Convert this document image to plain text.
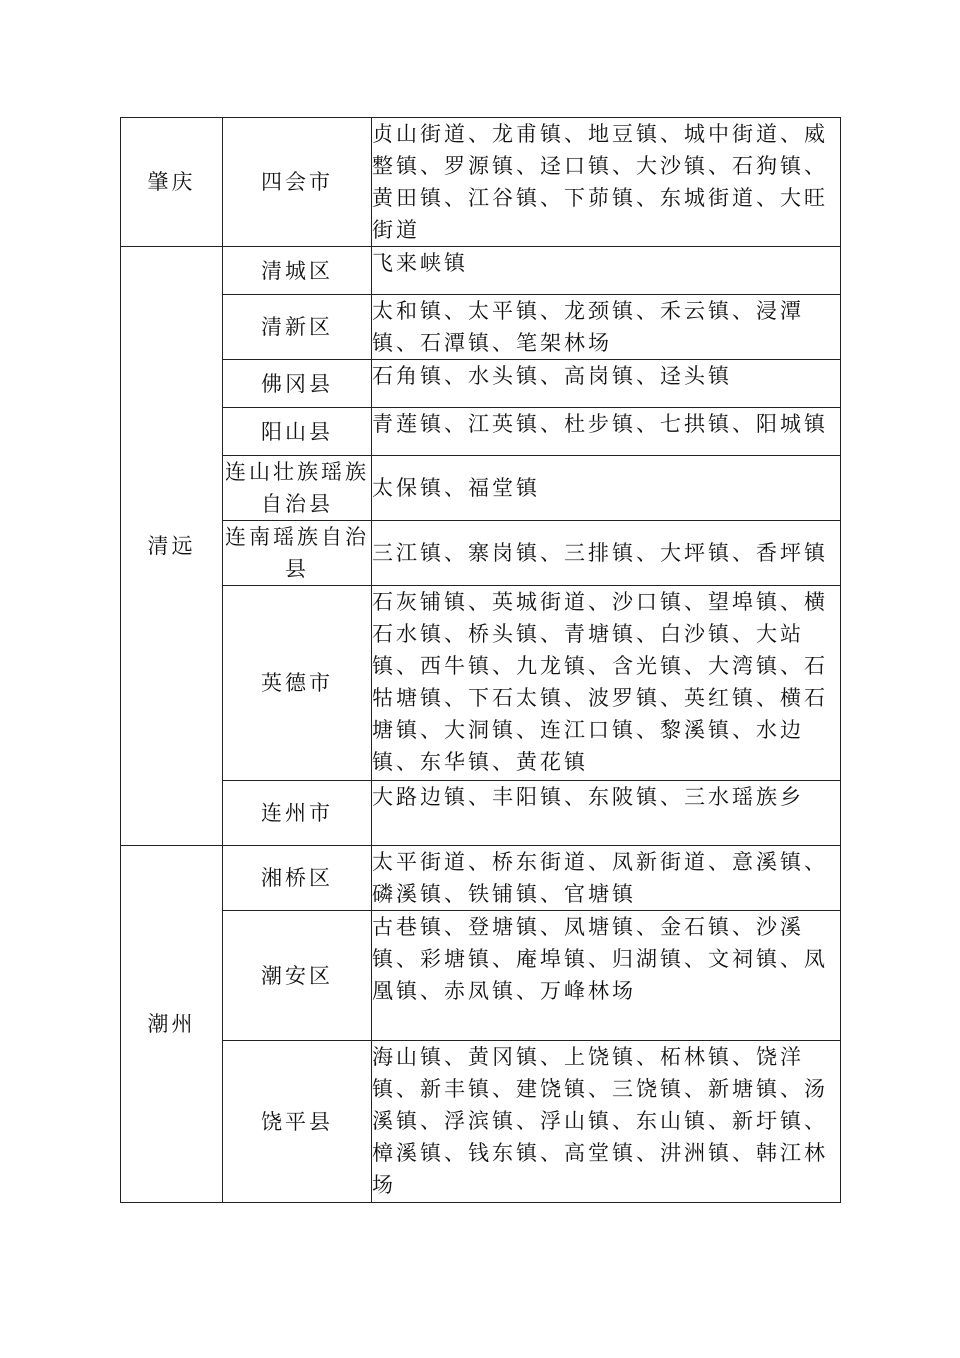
肇庆	四会市	贞山街道、龙甫镇、地豆镇、城中街道、威整镇、罗源镇、迳口镇、大沙镇、石狗镇、黄田镇、江谷镇、下茆镇、东城街道、大旺街道
清远	清城区	飞来峡镇
	清新区	太和镇、太平镇、龙颈镇、禾云镇、浸潭镇、石潭镇、笔架林场
	佛冈县	石角镇、水头镇、高岗镇、迳头镇
	阳山县	青莲镇、江英镇、杜步镇、七拱镇、阳城镇
	连山壮族瑶族自治县	太保镇、福堂镇
	连南瑶族自治县	三江镇、寨岗镇、三排镇、大坪镇、香坪镇
	英德市	石灰铺镇、英城街道、沙口镇、望埠镇、横石水镇、桥头镇、青塘镇、白沙镇、大站镇、西牛镇、九龙镇、含光镇、大湾镇、石牯塘镇、下石太镇、波罗镇、英红镇、横石塘镇、大洞镇、连江口镇、黎溪镇、水边镇、东华镇、黄花镇
	连州市	大路边镇、丰阳镇、东陂镇、三水瑶族乡
潮州	湘桥区	太平街道、桥东街道、凤新街道、意溪镇、磷溪镇、铁铺镇、官塘镇
	潮安区	古巷镇、登塘镇、凤塘镇、金石镇、沙溪镇、彩塘镇、庵埠镇、归湖镇、文祠镇、凤凰镇、赤凤镇、万峰林场
	饶平县	海山镇、黄冈镇、上饶镇、柘林镇、饶洋镇、新丰镇、建饶镇、三饶镇、新塘镇、汤溪镇、浮滨镇、浮山镇、东山镇、新圩镇、樟溪镇、钱东镇、高堂镇、汫洲镇、韩江林场
